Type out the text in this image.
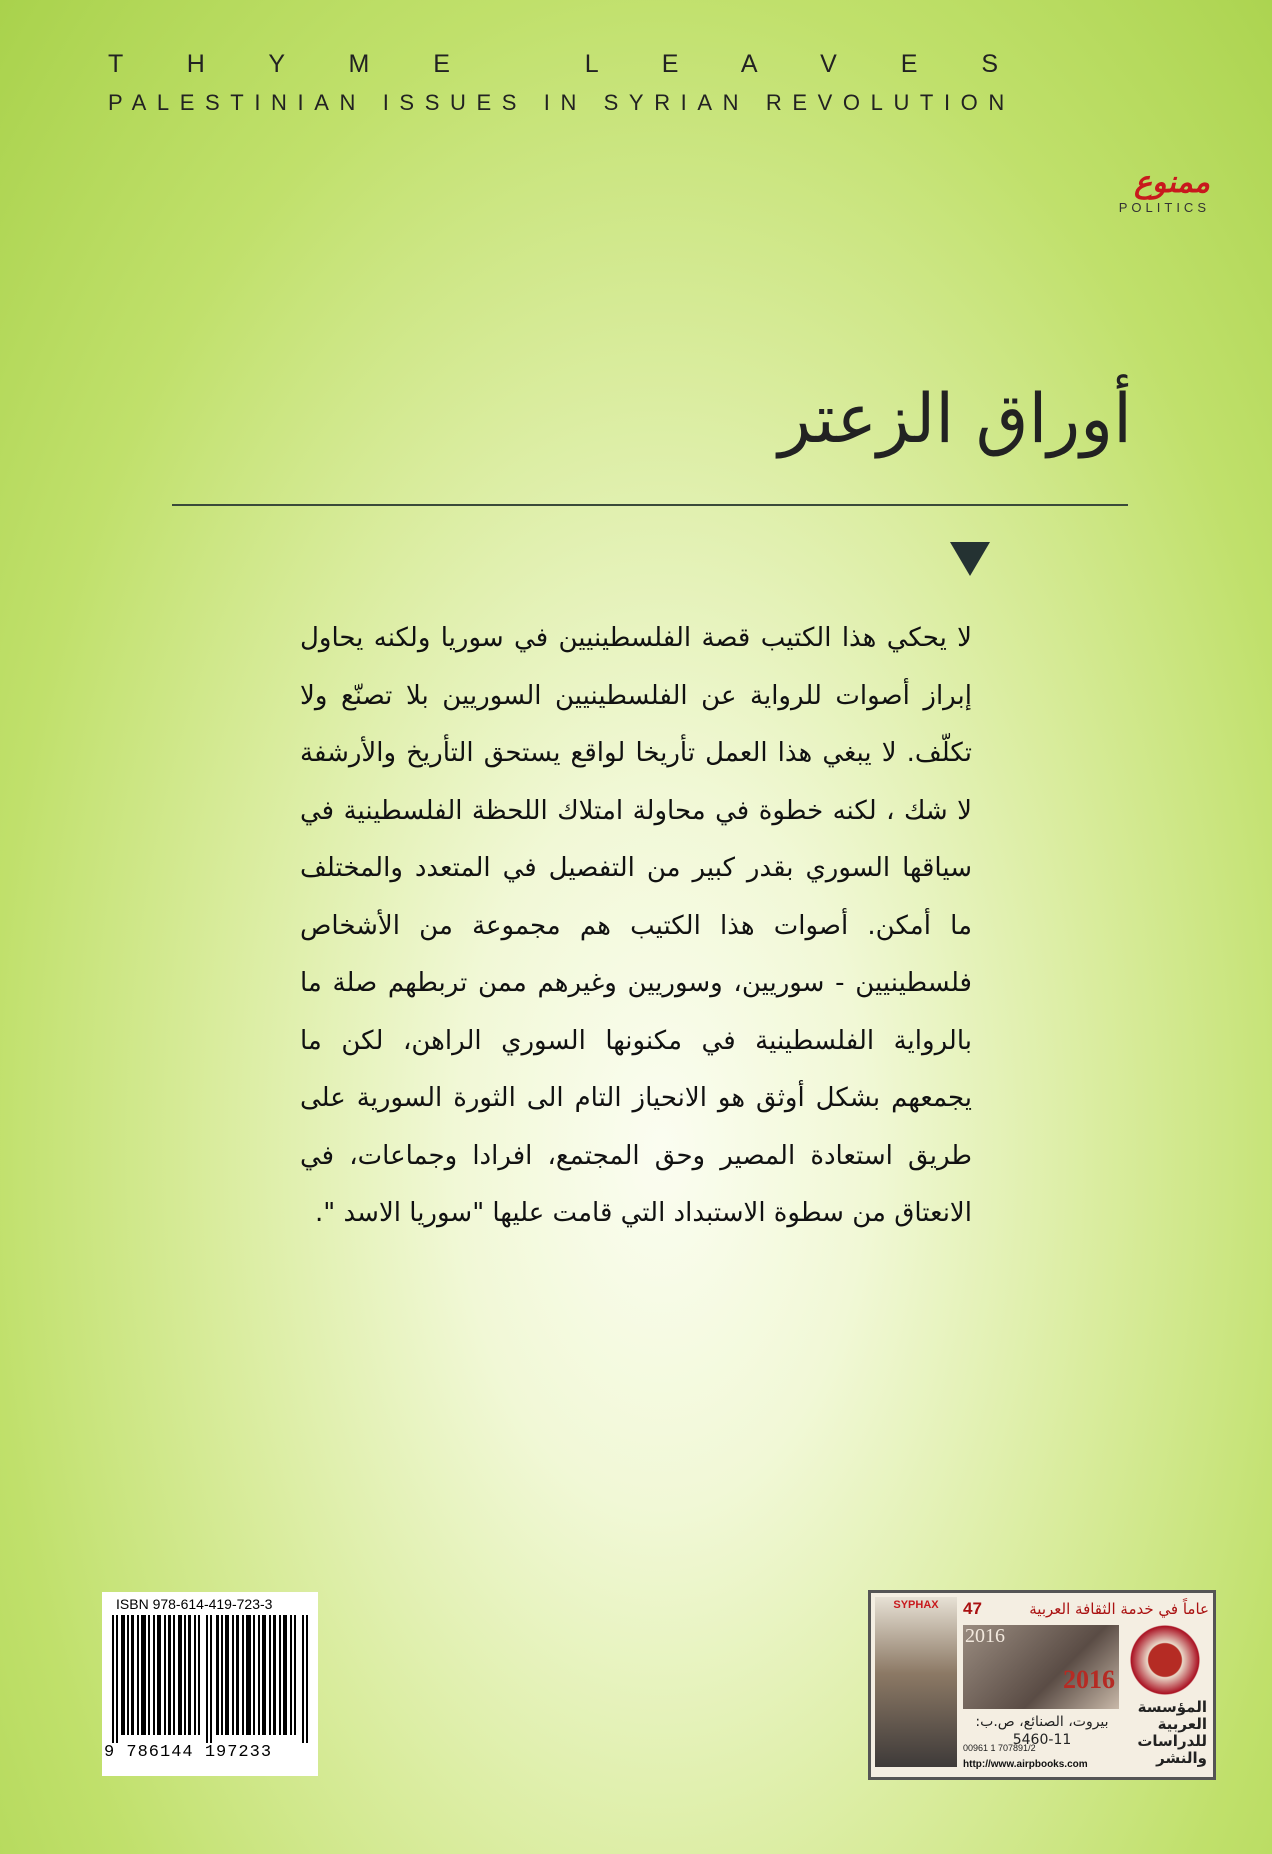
T H Y M E   L E A V E S
PALESTINIAN ISSUES IN SYRIAN REVOLUTION
ممنوع
POLITICS
أوراق الزعتر
لا يحكي هذا الكتيب قصة الفلسطينيين في سوريا ولكنه يحاول إبراز أصوات للرواية عن الفلسطينيين السوريين بلا تصنّع ولا تكلّف. لا يبغي هذا العمل تأريخا لواقع يستحق التأريخ والأرشفة لا شك ، لكنه خطوة في محاولة امتلاك اللحظة الفلسطينية في سياقها السوري بقدر كبير من التفصيل في المتعدد والمختلف ما أمكن. أصوات هذا الكتيب هم مجموعة من الأشخاص فلسطينيين - سوريين، وسوريين وغيرهم ممن تربطهم صلة ما بالرواية الفلسطينية في مكنونها السوري الراهن، لكن ما يجمعهم بشكل أوثق هو الانحياز التام الى الثورة السورية على طريق استعادة المصير وحق المجتمع، افرادا وجماعات، في الانعتاق من سطوة الاستبداد التي قامت عليها "سوريا الاسد ".
ISBN 978-614-419-723-3
9 786144 197233
SYPHAX	عاماً في خدمة الثقافة العربية
47
2016
2016
المؤسسة العربية للدراسات والنشر
بيروت، الصنائع، ص.ب: 11-5460
00961 1 707891/2
http://www.airpbooks.com
